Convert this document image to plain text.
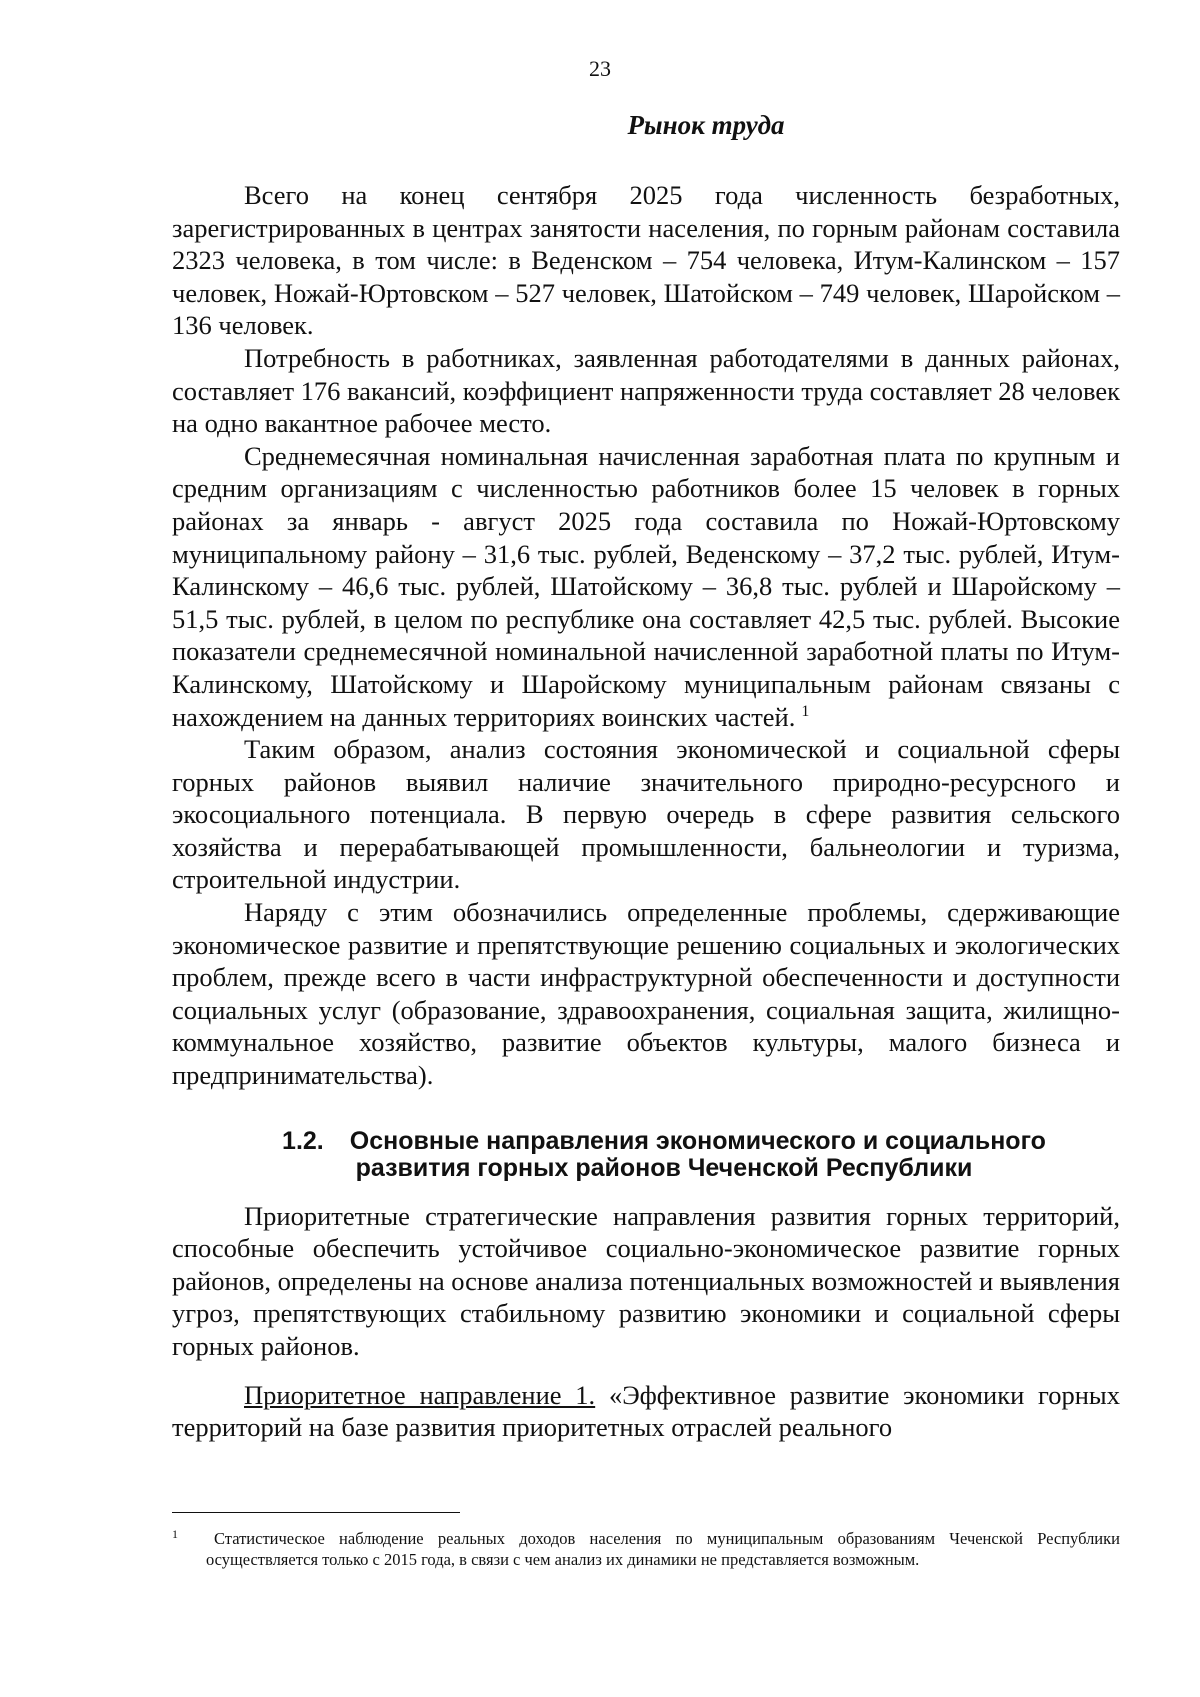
23
Рынок труда

Всего на конец сентября 2025 года численность безработных, зарегистрированных в центрах занятости населения, по горным районам составила 2323 человека, в том числе: в Веденском – 754 человека, Итум-Калинском – 157 человек, Ножай-Юртовском – 527 человек, Шатойском – 749 человек, Шаройском – 136 человек.

Потребность в работниках, заявленная работодателями в данных районах, составляет 176 вакансий, коэффициент напряженности труда составляет 28 человек на одно вакантное рабочее место.

Среднемесячная номинальная начисленная заработная плата по крупным и средним организациям с численностью работников более 15 человек в горных районах за январь - август 2025 года составила по Ножай-Юртовскому муниципальному району – 31,6 тыс. рублей, Веденскому – 37,2 тыс. рублей, Итум-Калинскому – 46,6 тыс. рублей, Шатойскому – 36,8 тыс. рублей и Шаройскому – 51,5 тыс. рублей, в целом по республике она составляет 42,5 тыс. рублей. Высокие показатели среднемесячной номинальной начисленной заработной платы по Итум-Калинскому, Шатойскому и Шаройскому муниципальным районам связаны с нахождением на данных территориях воинских частей. $^1$

Таким образом, анализ состояния экономической и социальной сферы горных районов выявил наличие значительного природно-ресурсного и экосоциального потенциала. В первую очередь в сфере развития сельского хозяйства и перерабатывающей промышленности, бальнеологии и туризма, строительной индустрии.

Наряду с этим обозначились определенные проблемы, сдерживающие экономическое развитие и препятствующие решению социальных и экологических проблем, прежде всего в части инфраструктурной обеспеченности и доступности социальных услуг (образование, здравоохранения, социальная защита, жилищно-коммунальное хозяйство, развитие объектов культуры, малого бизнеса и предпринимательства).

1.2. Основные направления экономического и социального
развития горных районов Чеченской Республики

Приоритетные стратегические направления развития горных территорий, способные обеспечить устойчивое социально-экономическое развитие горных районов, определены на основе анализа потенциальных возможностей и выявления угроз, препятствующих стабильному развитию экономики и социальной сферы горных районов.

Приоритетное направление 1. «Эффективное развитие экономики горных территорий на базе развития приоритетных отраслей реального

1	Статистическое наблюдение реальных доходов населения по муниципальным образованиям Чеченской Республики осуществляется только с 2015 года, в связи с чем анализ их динамики не представляется возможным.
